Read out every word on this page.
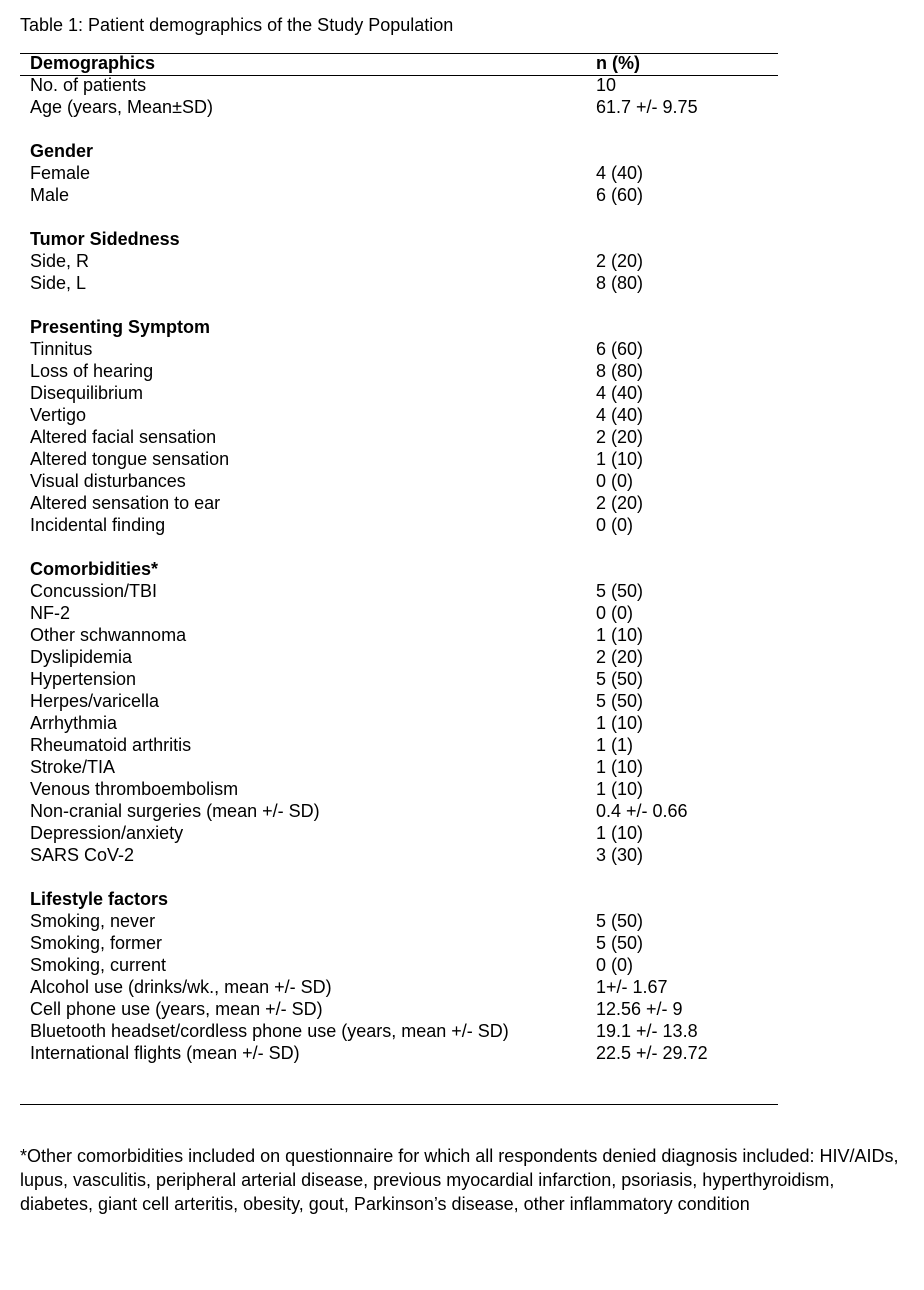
Table 1: Patient demographics of the Study Population
Demographics	n (%)
No. of patients	10
Age (years, Mean±SD)	61.7 +/- 9.75
Gender
Female	4 (40)
Male	6 (60)
Tumor Sidedness
Side, R	2 (20)
Side, L	8 (80)
Presenting Symptom
Tinnitus	6 (60)
Loss of hearing	8 (80)
Disequilibrium	4 (40)
Vertigo	4 (40)
Altered facial sensation	2 (20)
Altered tongue sensation	1 (10)
Visual disturbances	0 (0)
Altered sensation to ear	2 (20)
Incidental finding	0 (0)
Comorbidities*
Concussion/TBI	5 (50)
NF-2	0 (0)
Other schwannoma	1 (10)
Dyslipidemia	2 (20)
Hypertension	5 (50)
Herpes/varicella	5 (50)
Arrhythmia	1 (10)
Rheumatoid arthritis	1 (1)
Stroke/TIA	1 (10)
Venous thromboembolism	1 (10)
Non-cranial surgeries (mean +/- SD)	0.4 +/- 0.66
Depression/anxiety	1 (10)
SARS CoV-2	3 (30)
Lifestyle factors
Smoking, never	5 (50)
Smoking, former	5 (50)
Smoking, current	0 (0)
Alcohol use (drinks/wk., mean +/- SD)	1+/- 1.67
Cell phone use (years, mean +/- SD)	12.56 +/- 9
Bluetooth headset/cordless phone use (years, mean +/- SD)	19.1 +/- 13.8
International flights (mean +/- SD)	22.5 +/- 29.72
*Other comorbidities included on questionnaire for which all respondents denied diagnosis included: HIV/AIDs, lupus, vasculitis, peripheral arterial disease, previous myocardial infarction, psoriasis, hyperthyroidism, diabetes, giant cell arteritis, obesity, gout, Parkinson’s disease, other inflammatory condition
